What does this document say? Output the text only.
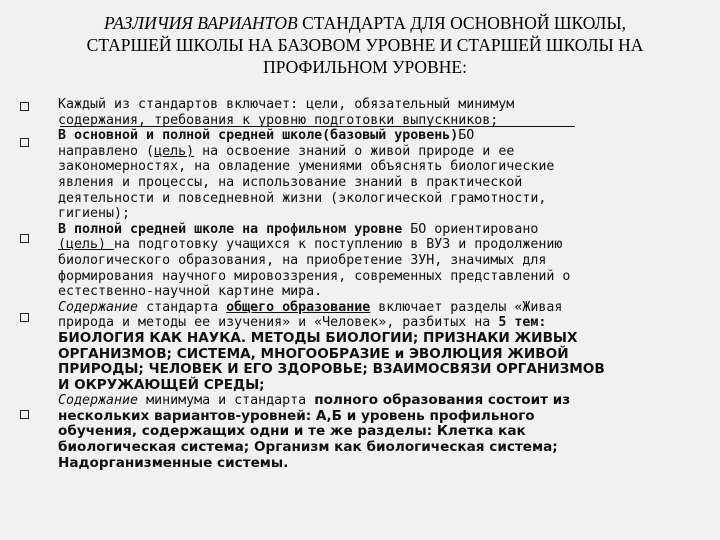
РАЗЛИЧИЯ ВАРИАНТОВ СТАНДАРТА ДЛЯ ОСНОВНОЙ ШКОЛЫ,
СТАРШЕЙ ШКОЛЫ НА БАЗОВОМ УРОВНЕ И СТАРШЕЙ ШКОЛЫ НА
ПРОФИЛЬНОМ УРОВНЕ:
Каждый из стандартов включает: цели, обязательный минимум
содержания, требования к уровню подготовки выпускников;
В основной и полной средней школе(базовый уровень)БО
направлено (цель) на освоение знаний о живой природе и ее
закономерностях, на овладение умениями объяснять биологические
явления и процессы, на использование знаний в практической
деятельности и повседневной жизни (экологической грамотности,
гигиены);
В полной средней школе на профильном уровне БО ориентировано
(цель) на подготовку учащихся к поступлению в ВУЗ и продолжению
биологического образования, на приобретение ЗУН, значимых для
формирования научного мировоззрения, современных представлений о
естественно-научной картине мира.
Содержание стандарта общего образование включает разделы «Живая
природа и методы ее изучения» и «Человек», разбитых на 5 тем:
БИОЛОГИЯ КАК НАУКА. МЕТОДЫ БИОЛОГИИ; ПРИЗНАКИ ЖИВЫХ
ОРГАНИЗМОВ; СИСТЕМА, МНОГООБРАЗИЕ и ЭВОЛЮЦИЯ ЖИВОЙ
ПРИРОДЫ; ЧЕЛОВЕК И ЕГО ЗДОРОВЬЕ; ВЗАИМОСВЯЗИ ОРГАНИЗМОВ
И ОКРУЖАЮЩЕЙ СРЕДЫ;
Содержание минимума и стандарта полного образования состоит из
нескольких вариантов-уровней: А,Б и уровень профильного
обучения, содержащих одни и те же разделы: Клетка как
биологическая система; Организм как биологическая система;
Надорганизменные системы.
